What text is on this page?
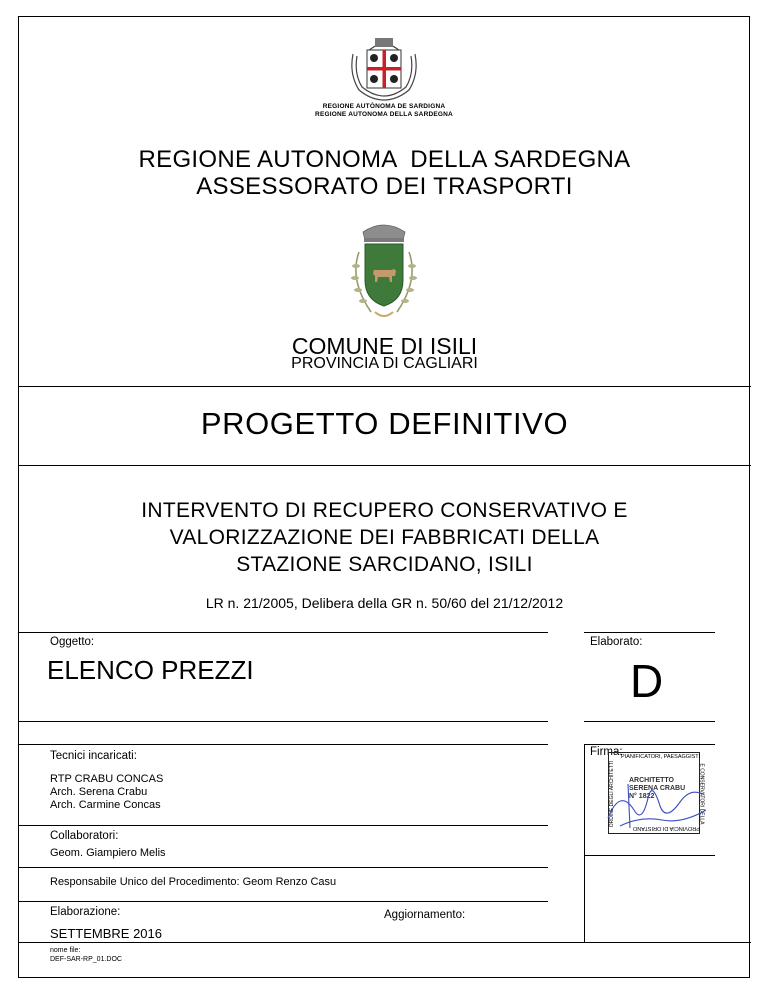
REGIONE AUTÒNOMA DE SARDIGNA
REGIONE AUTONOMA DELLA SARDEGNA
REGIONE AUTONOMA  DELLA SARDEGNA
ASSESSORATO DEI TRASPORTI
COMUNE DI ISILI
PROVINCIA DI CAGLIARI
PROGETTO DEFINITIVO
INTERVENTO DI RECUPERO CONSERVATIVO E
VALORIZZAZIONE DEI FABBRICATI DELLA
STAZIONE SARCIDANO, ISILI
LR n. 21/2005, Delibera della GR n. 50/60 del 21/12/2012
Oggetto:
ELENCO PREZZI
Elaborato:
D
Tecnici incaricati:
RTP CRABU CONCAS
Arch. Serena Crabu
Arch. Carmine Concas
Firma:
PIANIFICATORI, PAESAGGISTI
ARCHITETTO
SERENA CRABU
N° 1822
PROVINCIA DI ORISTANO
ORDINE DEGLI ARCHITETTI	E CONSERVATORI DELLA
Collaboratori:
Geom. Giampiero Melis
Responsabile Unico del Procedimento: Geom Renzo Casu
Elaborazione:
SETTEMBRE 2016
Aggiornamento:
nome file:
DEF-SAR-RP_01.DOC
